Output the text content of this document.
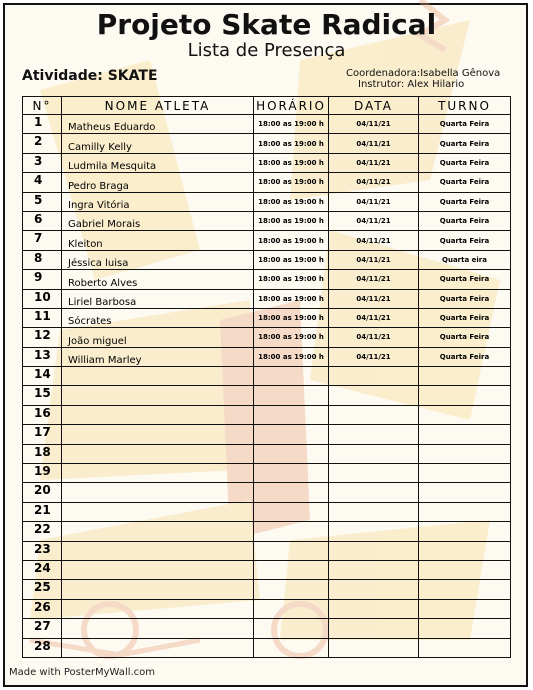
Projeto Skate Radical
Lista de Presença
Atividade: SKATE	Coordenadora:Isabella Gênova
Instrutor: Alex Hilario
N°	NOME ATLETA	HORÁRIO	DATA	TURNO
1	Matheus Eduardo	18:00 as 19:00 h	04/11/21	Quarta Feira
2	Camilly Kelly	18:00 as 19:00 h	04/11/21	Quarta Feira
3	Ludmila Mesquita	18:00 as 19:00 h	04/11/21	Quarta Feira
4	Pedro Braga	18:00 as 19:00 h	04/11/21	Quarta Feira
5	Ingra Vitória	18:00 as 19:00 h	04/11/21	Quarta Feira
6	Gabriel Morais	18:00 as 19:00 h	04/11/21	Quarta Feira
7	Kleiton	18:00 as 19:00 h	04/11/21	Quarta Feira
8	Jéssica luisa	18:00 as 19:00 h	04/11/21	Quarta eira
9	Roberto Alves	18:00 as 19:00 h	04/11/21	Quarta Feira
10	Liriel Barbosa	18:00 as 19:00 h	04/11/21	Quarta Feira
11	Sócrates	18:00 as 19:00 h	04/11/21	Quarta Feira
12	João miguel	18:00 as 19:00 h	04/11/21	Quarta Feira
13	William Marley	18:00 as 19:00 h	04/11/21	Quarta Feira
14				
15				
16				
17				
18				
19				
20				
21				
22				
23				
24				
25				
26				
27				
28				
Made with PosterMyWall.com
